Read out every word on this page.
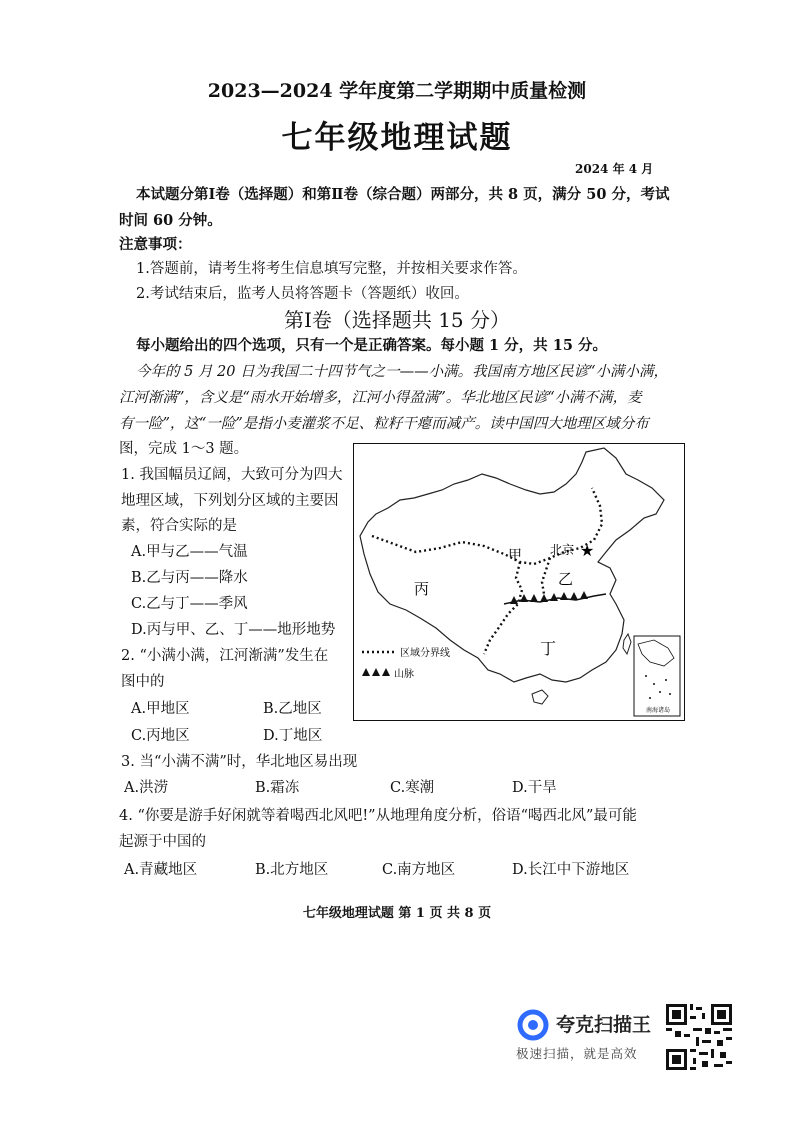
2023—2024 学年度第二学期期中质量检测
七年级地理试题
2024 年 4 月
本试题分第Ⅰ卷（选择题）和第Ⅱ卷（综合题）两部分，共 8 页，满分 50 分，考试
时间 60 分钟。
注意事项：
1.答题前，请考生将考生信息填写完整，并按相关要求作答。
2.考试结束后，监考人员将答题卡（答题纸）收回。
第Ⅰ卷（选择题共 15 分）
每小题给出的四个选项，只有一个是正确答案。每小题 1 分，共 15 分。
今年的 5 月 20 日为我国二十四节气之一——小满。我国南方地区民谚“小满小满，
江河渐满”，含义是“雨水开始增多，江河小得盈满”。华北地区民谚“小满不满，麦
有一险”，这“一险”是指小麦灌浆不足、粒籽干瘪而减产。读中国四大地理区域分布
图，完成 1～3 题。
1. 我国幅员辽阔，大致可分为四大
地理区域，下列划分区域的主要因
素，符合实际的是
A.甲与乙——气温
B.乙与丙——降水
C.乙与丁——季风
D.丙与甲、乙、丁——地形地势
2. “小满小满，江河渐满”发生在
图中的
A.甲地区	B.乙地区
C.丙地区	D.丁地区
3. 当“小满不满”时，华北地区易出现
A.洪涝	B.霜冻	C.寒潮	D.干旱
4. “你要是游手好闲就等着喝西北风吧!”从地理角度分析，俗语“喝西北风”最可能
起源于中国的
A.青藏地区	B.北方地区	C.南方地区	D.长江中下游地区
★
甲
乙
丙
丁
北京
区域分界线
山脉
南海诸岛
七年级地理试题 第 1 页 共 8 页
夸克扫描王
极速扫描，就是高效
